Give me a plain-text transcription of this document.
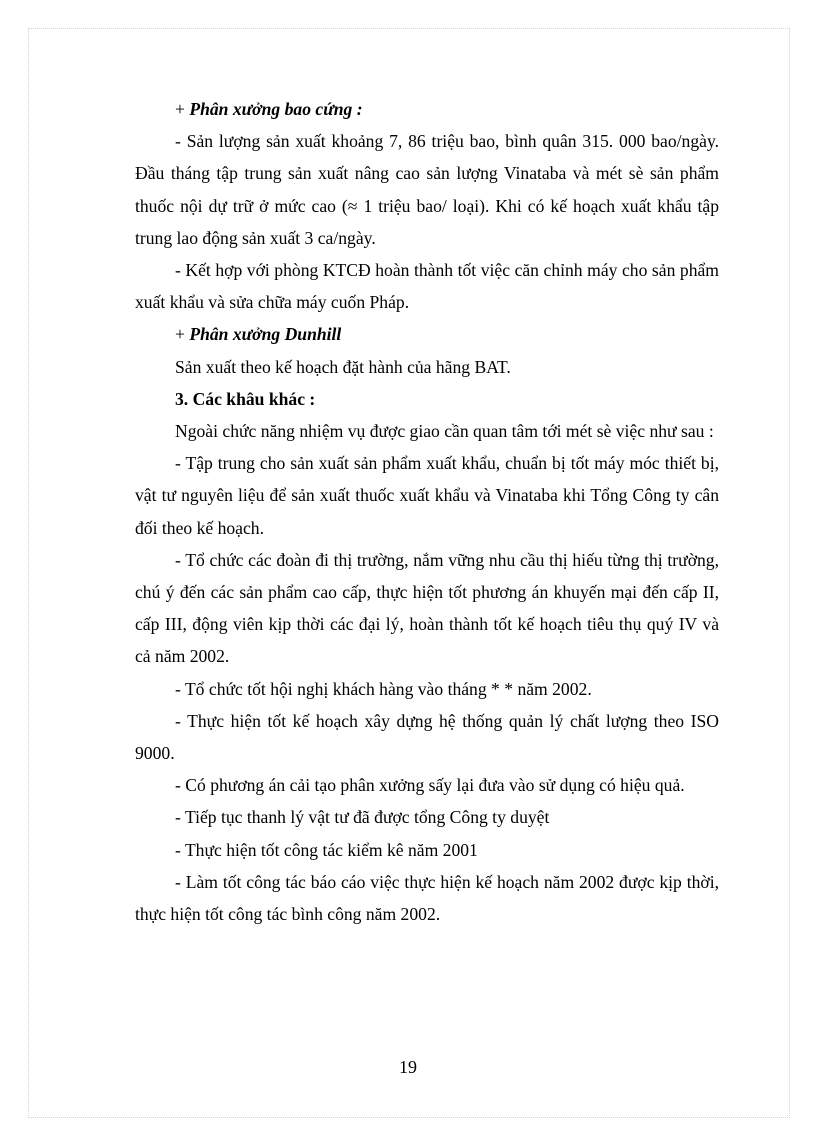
+ Phân xưởng bao cứng :

- Sản lượng sản xuất khoảng 7, 86 triệu bao, bình quân 315. 000 bao/ngày. Đầu tháng tập trung sản xuất nâng cao sản lượng Vinataba và mét sè sản phẩm thuốc nội dự trữ ở mức cao (≈ 1 triệu bao/ loại). Khi có kế hoạch xuất khẩu tập trung lao động sản xuất 3 ca/ngày.

- Kết hợp với phòng KTCĐ hoàn thành tốt việc căn chỉnh máy cho sản phẩm xuất khẩu và sửa chữa máy cuốn Pháp.

+ Phân xưởng Dunhill

Sản xuất theo kế hoạch đặt hành của hãng BAT.

3. Các khâu khác :

Ngoài chức năng nhiệm vụ được giao cần quan tâm tới mét sè việc như sau :

- Tập trung cho sản xuất sản phẩm xuất khẩu, chuẩn bị tốt máy móc thiết bị, vật tư nguyên liệu để sản xuất thuốc xuất khẩu và Vinataba khi Tổng Công ty cân đối theo kế hoạch.

- Tổ chức các đoàn đi thị trường, nắm vững nhu cầu thị hiếu từng thị trường, chú ý đến các sản phẩm cao cấp, thực hiện tốt phương án khuyến mại đến cấp II, cấp III, động viên kịp thời các đại lý, hoàn thành tốt kế hoạch tiêu thụ quý IV và cả năm 2002.

- Tổ chức tốt hội nghị khách hàng vào tháng * * năm 2002.

- Thực hiện tốt kế hoạch xây dựng hệ thống quản lý chất lượng theo ISO 9000.

- Có phương án cải tạo phân xưởng sấy lại đưa vào sử dụng có hiệu quả.

- Tiếp tục thanh lý vật tư đã được tổng Công ty duyệt

- Thực hiện tốt công tác kiểm kê năm 2001

- Làm tốt công tác báo cáo việc thực hiện kế hoạch năm 2002 được kịp thời, thực hiện tốt công tác bình công năm 2002.

19
